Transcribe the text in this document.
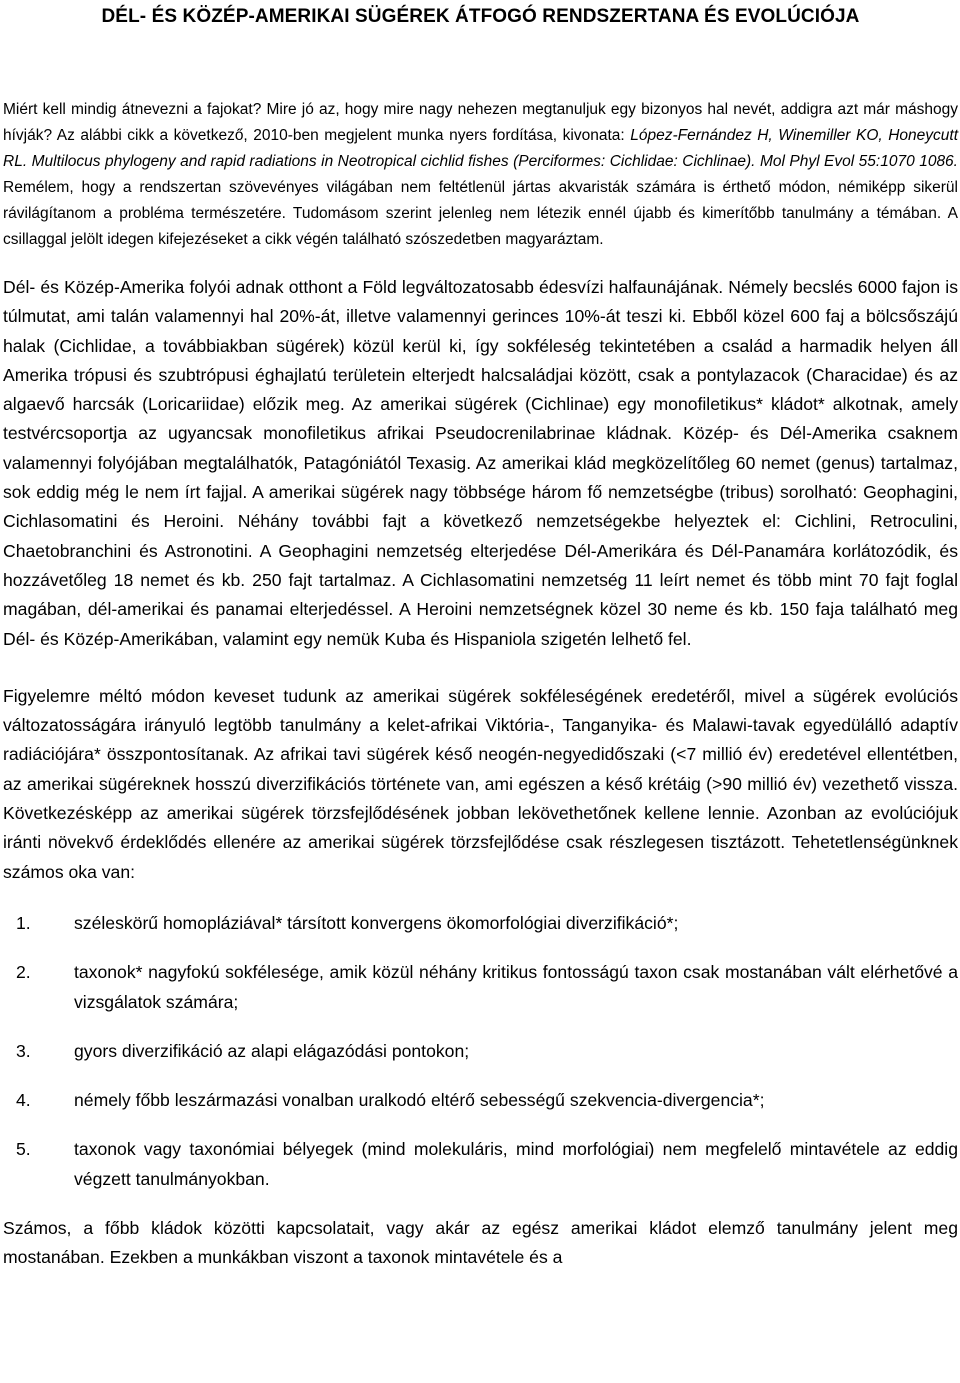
DÉL- ÉS KÖZÉP-AMERIKAI SÜGÉREK ÁTFOGÓ RENDSZERTANA ÉS EVOLÚCIÓJA

Miért kell mindig átnevezni a fajokat? Mire jó az, hogy mire nagy nehezen megtanuljuk egy bizonyos hal nevét, addigra azt már máshogy hívják? Az alábbi cikk a következő, 2010-ben megjelent munka nyers fordítása, kivonata: López-Fernández H, Winemiller KO, Honeycutt RL. Multilocus phylogeny and rapid radiations in Neotropical cichlid fishes (Perciformes: Cichlidae: Cichlinae). Mol Phyl Evol 55:1070 1086. Remélem, hogy a rendszertan szövevényes világában nem feltétlenül jártas akvaristák számára is érthető módon, némiképp sikerül rávilágítanom a probléma természetére. Tudomásom szerint jelenleg nem létezik ennél újabb és kimerítőbb tanulmány a témában. A csillaggal jelölt idegen kifejezéseket a cikk végén található szószedetben magyaráztam.

Dél- és Közép-Amerika folyói adnak otthont a Föld legváltozatosabb édesvízi halfaunájának. Némely becslés 6000 fajon is túlmutat, ami talán valamennyi hal 20%-át, illetve valamennyi gerinces 10%-át teszi ki. Ebből közel 600 faj a bölcsőszájú halak (Cichlidae, a továbbiakban sügérek) közül kerül ki, így sokféleség tekintetében a család a harmadik helyen áll Amerika trópusi és szubtrópusi éghajlatú területein elterjedt halcsaládjai között, csak a pontylazacok (Characidae) és az algaevő harcsák (Loricariidae) előzik meg. Az amerikai sügérek (Cichlinae) egy monofiletikus* kládot* alkotnak, amely testvércsoportja az ugyancsak monofiletikus afrikai Pseudocrenilabrinae kládnak. Közép- és Dél-Amerika csaknem valamennyi folyójában megtalálhatók, Patagóniától Texasig. Az amerikai klád megközelítőleg 60 nemet (genus) tartalmaz, sok eddig még le nem írt fajjal. A amerikai sügérek nagy többsége három fő nemzetségbe (tribus) sorolható: Geophagini, Cichlasomatini és Heroini. Néhány további fajt a következő nemzetségekbe helyeztek el: Cichlini, Retroculini, Chaetobranchini és Astronotini. A Geophagini nemzetség elterjedése Dél-Amerikára és Dél-Panamára korlátozódik, és hozzávetőleg 18 nemet és kb. 250 fajt tartalmaz. A Cichlasomatini nemzetség 11 leírt nemet és több mint 70 fajt foglal magában, dél-amerikai és panamai elterjedéssel. A Heroini nemzetségnek közel 30 neme és kb. 150 faja található meg Dél- és Közép-Amerikában, valamint egy nemük Kuba és Hispaniola szigetén lelhető fel.

Figyelemre méltó módon keveset tudunk az amerikai sügérek sokféleségének eredetéről, mivel a sügérek evolúciós változatosságára irányuló legtöbb tanulmány a kelet-afrikai Viktória-, Tanganyika- és Malawi-tavak egyedülálló adaptív radiációjára* összpontosítanak. Az afrikai tavi sügérek késő neogén-negyedidőszaki (<7 millió év) eredetével ellentétben, az amerikai sügéreknek hosszú diverzifikációs története van, ami egészen a késő krétáig (>90 millió év) vezethető vissza. Következésképp az amerikai sügérek törzsfejlődésének jobban lekövethetőnek kellene lennie. Azonban az evolúciójuk iránti növekvő érdeklődés ellenére az amerikai sügérek törzsfejlődése csak részlegesen tisztázott. Tehetetlenségünknek számos oka van:

1. széleskörű homopláziával* társított konvergens ökomorfológiai diverzifikáció*;
2. taxonok* nagyfokú sokfélesége, amik közül néhány kritikus fontosságú taxon csak mostanában vált elérhetővé a vizsgálatok számára;
3. gyors diverzifikáció az alapi elágazódási pontokon;
4. némely főbb leszármazási vonalban uralkodó eltérő sebességű szekvencia-divergencia*;
5. taxonok vagy taxonómiai bélyegek (mind molekuláris, mind morfológiai) nem megfelelő mintavétele az eddig végzett tanulmányokban.

Számos, a főbb kládok közötti kapcsolatait, vagy akár az egész amerikai kládot elemző tanulmány jelent meg mostanában. Ezekben a munkákban viszont a taxonok mintavétele és a
